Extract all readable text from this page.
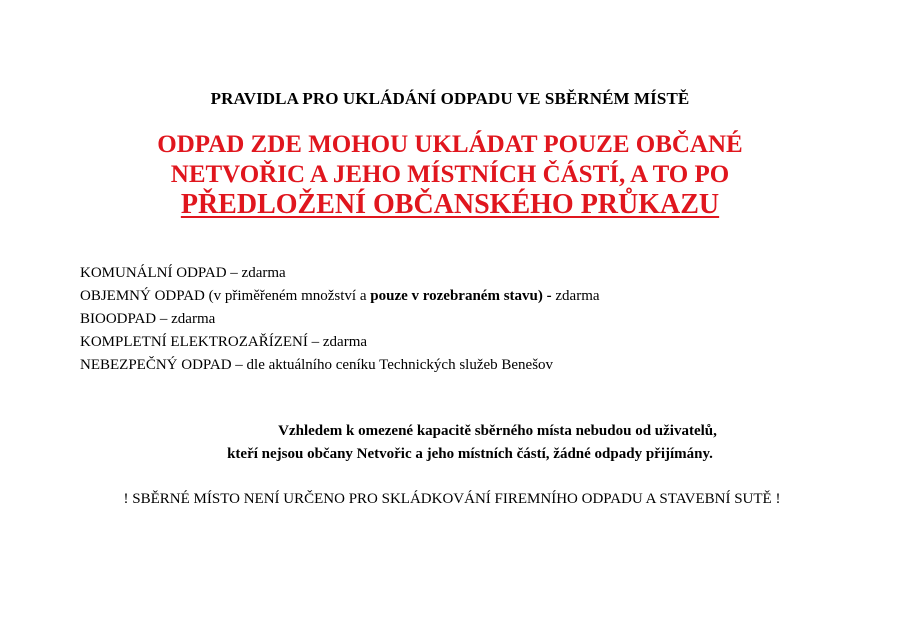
PRAVIDLA PRO UKLÁDÁNÍ ODPADU VE SBĚRNÉM MÍSTĚ
ODPAD ZDE MOHOU UKLÁDAT POUZE OBČANÉ
NETVOŘIC A JEHO MÍSTNÍCH ČÁSTÍ, A TO PO
PŘEDLOŽENÍ OBČANSKÉHO PRŮKAZU
KOMUNÁLNÍ ODPAD – zdarma
OBJEMNÝ ODPAD (v přiměřeném množství a pouze v rozebraném stavu) - zdarma
BIOODPAD – zdarma
KOMPLETNÍ ELEKTROZAŘÍZENÍ – zdarma
NEBEZPEČNÝ ODPAD – dle aktuálního ceníku Technických služeb Benešov
Vzhledem k omezené kapacitě sběrného místa nebudou od uživatelů,
kteří nejsou občany Netvořic a jeho místních částí, žádné odpady přijímány.
! SBĚRNÉ MÍSTO NENÍ URČENO PRO SKLÁDKOVÁNÍ FIREMNÍHO ODPADU A STAVEBNÍ SUTĚ !
